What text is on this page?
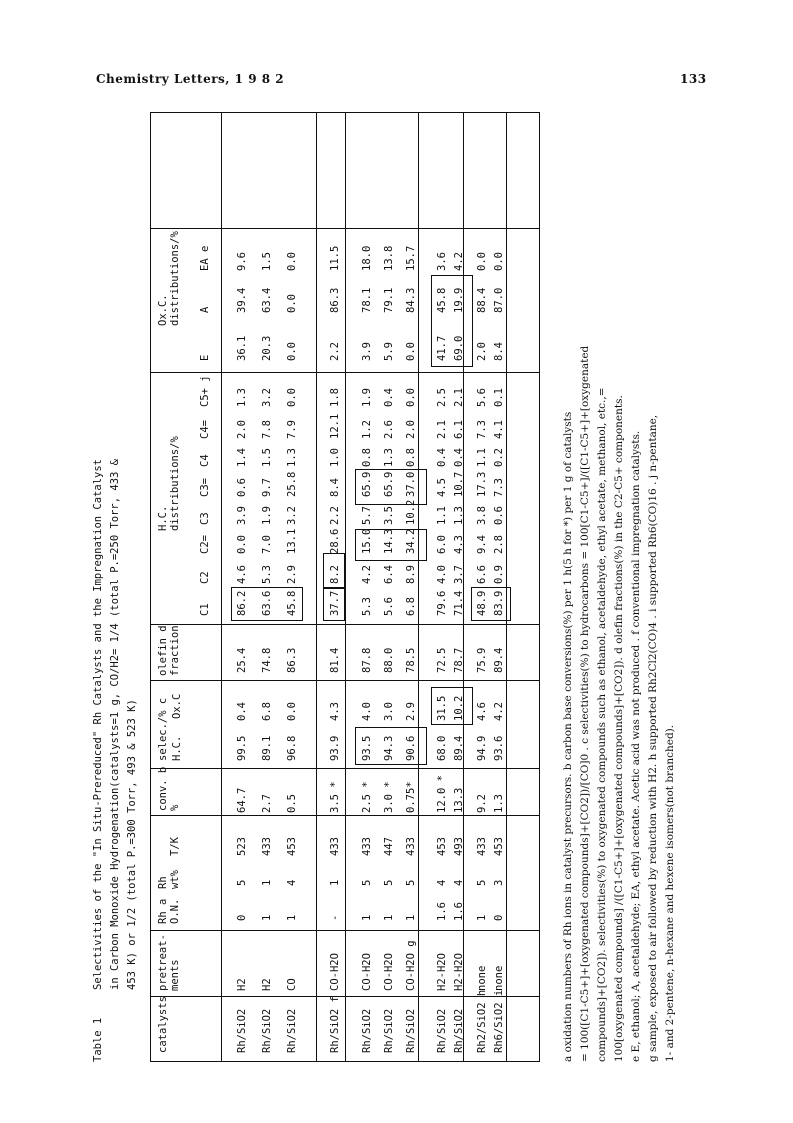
Chemistry Letters, 1 9 8 2	133
Table 1Selectivities of the "In Situ-Prereduced" Rh Catalysts and the Impregnation Catalyst in Carbon Monoxide Hydrogenation(catalysts=1 g, CO/H2= 1/4 (total P.=250 Torr, 433 & 453 K) or 1/2 (total P.=300 Torr, 493 & 523 K)
catalysts
pretreat-
ments
Rh a
O.N.
Rh
wt%
T/K
conv. b
%
selec./% c H.C.
Ox.C
olefin d
fraction
H.C.
distributions/%
C1
C2
C2=
C3
C3=
C4
C4=
C5+ j
Ox.C.
distributions/%
E
A
EA e
Rh/SiO2
H2
0
5
523
64.7
99.5
0.4
25.4
86.2
4.6
0.0
3.9
0.6
1.4
2.0
1.3
36.1
39.4
9.6
Rh/SiO2
H2
1
1
433
2.7
89.1
6.8
74.8
63.6
5.3
7.0
1.9
9.7
1.5
7.8
3.2
20.3
63.4
1.5
Rh/SiO2
CO
1
4
453
0.5
96.8
0.0
86.3
45.8
2.9
13.1
3.2
25.8
1.3
7.9
0.0
0.0
0.0
0.0
Rh/SiO2 f
CO-H2O
-
1
433
3.5 *
93.9
4.3
81.4
37.7
8.2
28.6
2.2
8.4
1.0
12.1
1.8
2.2
86.3
11.5
Rh/SiO2
CO-H2O
1
5
433
2.5 *
93.5
4.0
87.8
5.3
4.2
15.0
5.7
65.9
0.8
1.2
1.9
3.9
78.1
18.0
Rh/SiO2
CO-H2O
1
5
447
3.0 *
94.3
3.0
88.0
5.6
6.4
14.3
3.5
65.9
1.3
2.6
0.4
5.9
79.1
13.8
Rh/SiO2
CO-H2O g
1
5
433
0.75*
90.6
2.9
78.5
6.8
8.9
34.2
10.2
37.0
0.8
2.0
0.0
0.0
84.3
15.7
Rh/SiO2
H2-H2O
1.6
4
453
12.0 *
68.0
31.5
72.5
79.6
4.0
6.0
1.1
4.5
0.4
2.1
2.5
41.7
45.8
3.6
Rh/SiO2
H2-H2O
1.6
4
493
13.3
89.4
10.2
78.7
71.4
3.7
4.3
1.3
10.7
0.4
6.1
2.1
69.0
19.9
4.2
Rh2/SiO2 h
none
1
5
433
9.2
94.9
4.6
75.9
48.9
6.6
9.4
3.8
17.3
1.1
7.3
5.6
2.0
88.4
0.0
Rh6/SiO2 i
none
0
3
453
1.3
93.6
4.2
89.4
83.9
0.9
2.8
0.6
7.3
0.2
4.1
0.1
8.4
87.0
0.0
a oxidation numbers of Rh ions in catalyst precursors. b carbon base conversions(%) per 1 h(5 h for *) per 1 g of catalysts = 100([C1-C5+]+[oxygenated compounds]+[CO2])/[CO]0 . c selectivities(%) to hydrocarbons = 100[C1-C5+]/([C1-C5+]+[oxygenated compounds]+[CO2]). selectivities(%) to oxygenated compounds such as ethanol, acetaldehyde, ethyl acetate, methanol, etc.,= 100[oxygenated compounds] /([C1-C5+]+[oxygenated compounds]+[CO2]). d olefin fractions(%) in the C2-C5+ components. e E, ethanol; A, acetaldehyde; EA, ethyl acetate. Acetic acid was not produced . f conventional impregnation catalysts. g sample, exposed to air followed by reduction with H2. h supported Rh2Cl2(CO)4 . i supported Rh6(CO)16 . j n-pentane, 1- and 2-pentene, n-hexane and hexene isomers(not branched).
